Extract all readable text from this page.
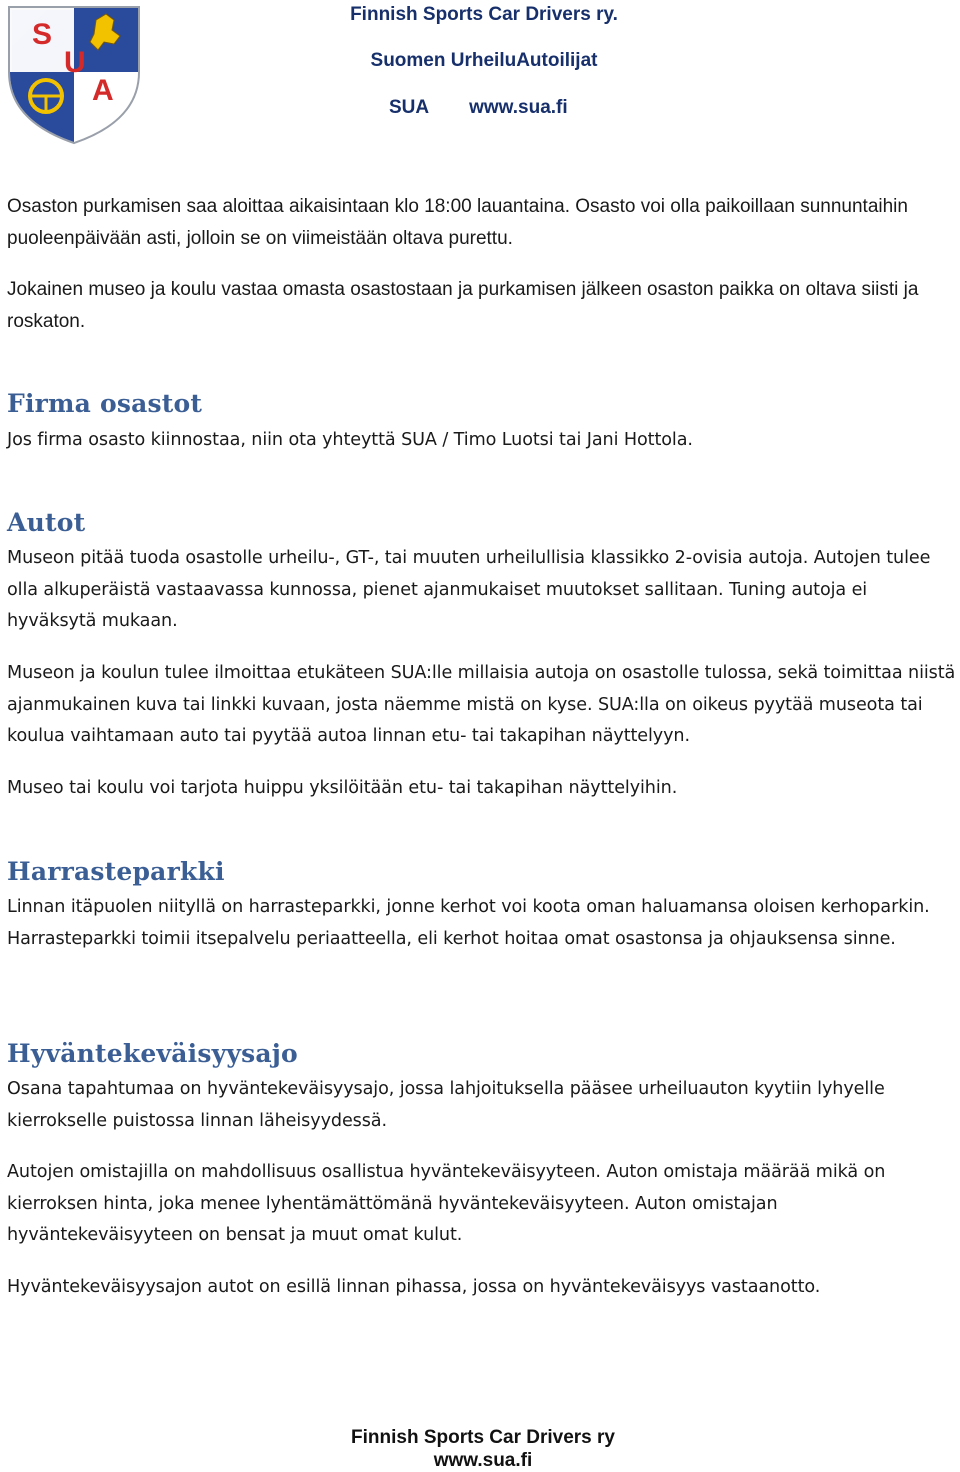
S
U
A
Finnish Sports Car Drivers ry.
Suomen UrheiluAutoilijat
SUA www.sua.fi

Osaston purkamisen saa aloittaa aikaisintaan klo 18:00 lauantaina. Osasto voi olla paikoillaan sunnuntaihin puoleenpäivään asti, jolloin se on viimeistään oltava purettu.

Jokainen museo ja koulu vastaa omasta osastostaan ja purkamisen jälkeen osaston paikka on oltava siisti ja roskaton.

Firma osastot

Jos firma osasto kiinnostaa, niin ota yhteyttä SUA / Timo Luotsi tai Jani Hottola.

Autot

Museon pitää tuoda osastolle urheilu-, GT-, tai muuten urheilullisia klassikko 2-ovisia autoja. Autojen tulee olla alkuperäistä vastaavassa kunnossa, pienet ajanmukaiset muutokset sallitaan. Tuning autoja ei hyväksytä mukaan.

Museon ja koulun tulee ilmoittaa etukäteen SUA:lle millaisia autoja on osastolle tulossa, sekä toimittaa niistä ajanmukainen kuva tai linkki kuvaan, josta näemme mistä on kyse. SUA:lla on oikeus pyytää museota tai koulua vaihtamaan auto tai pyytää autoa linnan etu- tai takapihan näyttelyyn.

Museo tai koulu voi tarjota huippu yksilöitään etu- tai takapihan näyttelyihin.

Harrasteparkki

Linnan itäpuolen niityllä on harrasteparkki, jonne kerhot voi koota oman haluamansa oloisen kerhoparkin. Harrasteparkki toimii itsepalvelu periaatteella, eli kerhot hoitaa omat osastonsa ja ohjauksensa sinne.

Hyväntekeväisyysajo

Osana tapahtumaa on hyväntekeväisyysajo, jossa lahjoituksella pääsee urheiluauton kyytiin lyhyelle kierrokselle puistossa linnan läheisyydessä.

Autojen omistajilla on mahdollisuus osallistua hyväntekeväisyyteen. Auton omistaja määrää mikä on kierroksen hinta, joka menee lyhentämättömänä hyväntekeväisyyteen. Auton omistajan hyväntekeväisyyteen on bensat ja muut omat kulut.

Hyväntekeväisyysajon autot on esillä linnan pihassa, jossa on hyväntekeväisyys vastaanotto.

Finnish Sports Car Drivers ry
www.sua.fi
